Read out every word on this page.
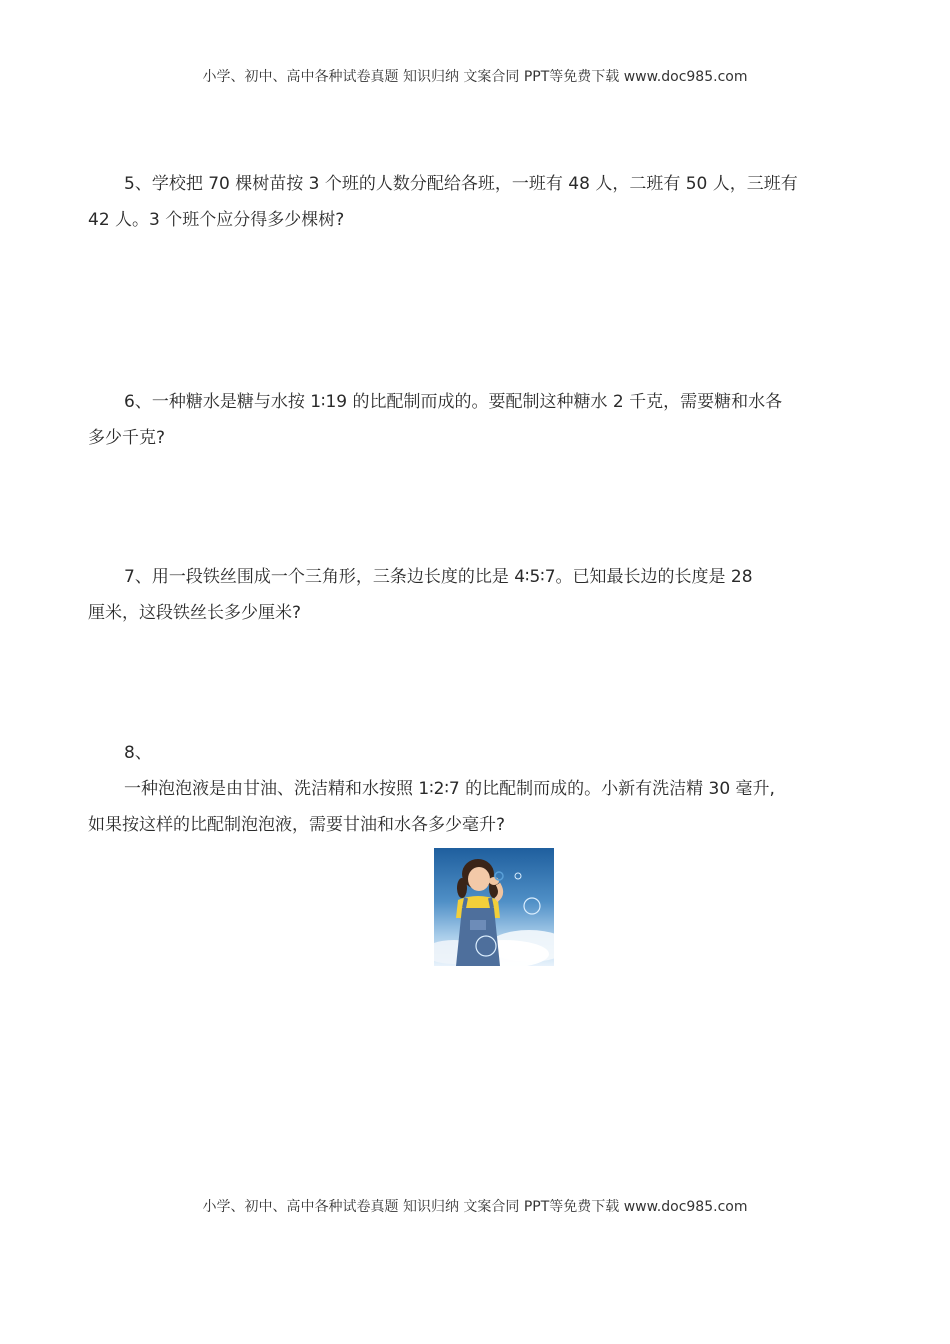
小学、初中、高中各种试卷真题 知识归纳 文案合同 PPT等免费下载 www.doc985.com
5、学校把 70 棵树苗按 3 个班的人数分配给各班，一班有 48 人，二班有 50 人，三班有
42 人。3 个班个应分得多少棵树?
6、一种糖水是糖与水按 1∶19 的比配制而成的。要配制这种糖水 2 千克，需要糖和水各
多少千克?
7、用一段铁丝围成一个三角形，三条边长度的比是 4∶5∶7。已知最长边的长度是 28
厘米，这段铁丝长多少厘米?
8、
一种泡泡液是由甘油、洗洁精和水按照 1∶2∶7 的比配制而成的。小新有洗洁精 30 毫升,
如果按这样的比配制泡泡液，需要甘油和水各多少毫升?
小学、初中、高中各种试卷真题 知识归纳 文案合同 PPT等免费下载 www.doc985.com
